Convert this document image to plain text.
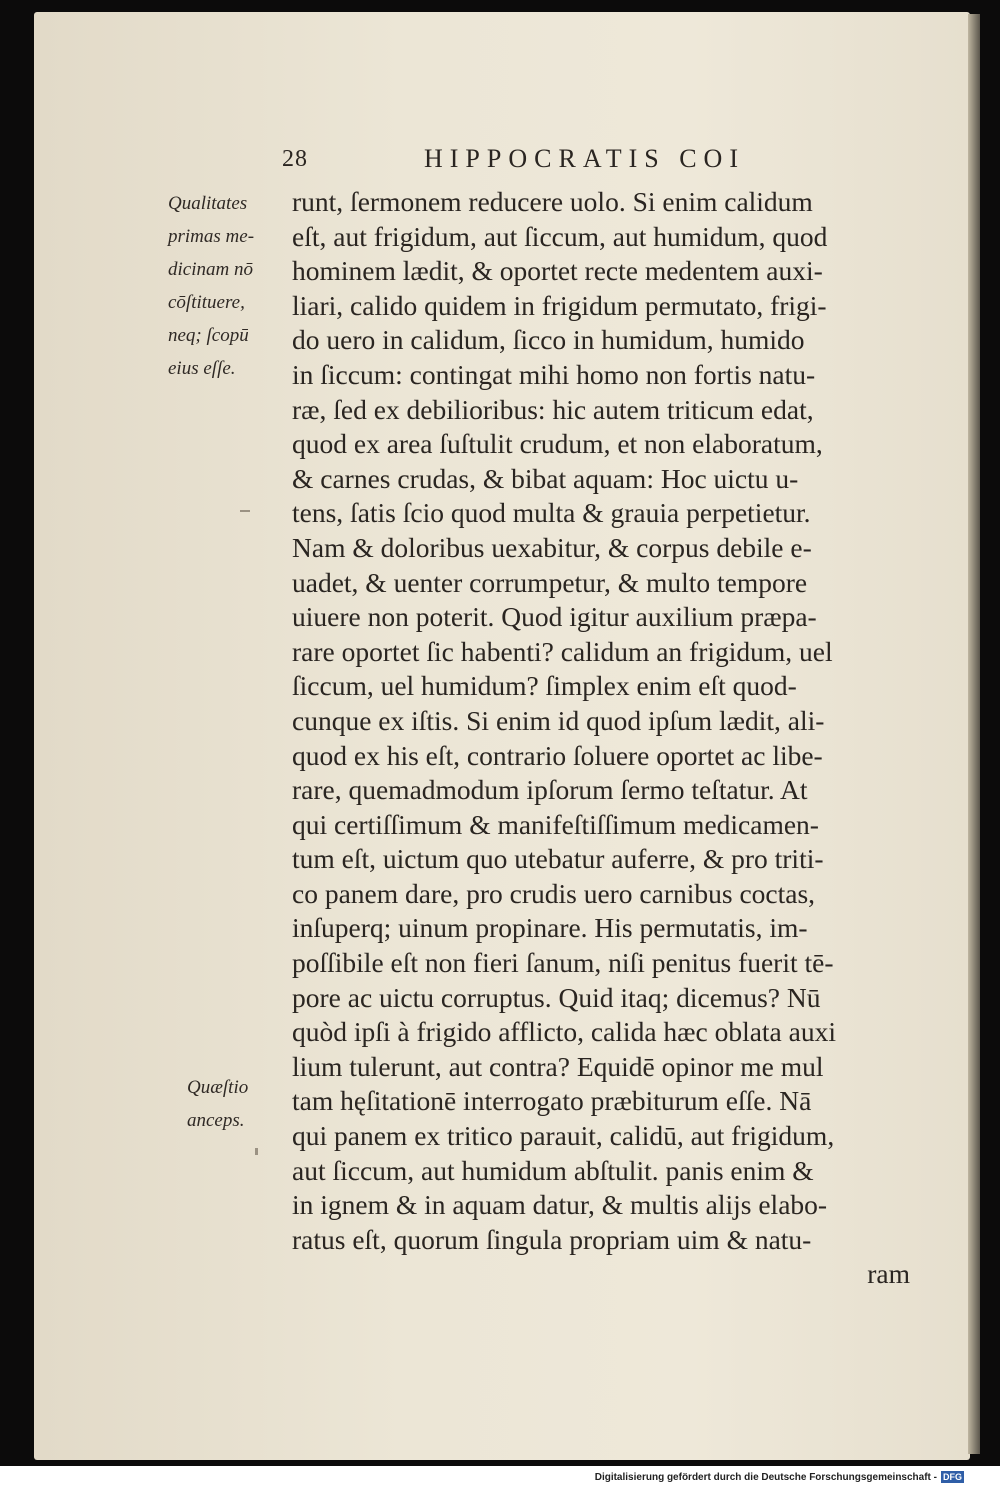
28	HIPPOCRATIS COI
Qualitates
primas me-
dicinam nō
cōſtituere,
neq; ſcopū
eius eſſe.
Quæſtio
anceps.
runt, ſermonem reducere uolo. Si enim calidum
eſt, aut frigidum, aut ſiccum, aut humidum, quod
hominem lædit, & oportet recte medentem auxi-
liari, calido quidem in frigidum permutato, frigi-
do uero in calidum, ſicco in humidum, humido
in ſiccum: contingat mihi homo non fortis natu-
ræ, ſed ex debilioribus: hic autem triticum edat,
quod ex area ſuſtulit crudum, et non elaboratum,
& carnes crudas, & bibat aquam: Hoc uictu u-
tens, ſatis ſcio quod multa & grauia perpetietur.
Nam & doloribus uexabitur, & corpus debile e-
uadet, & uenter corrumpetur, & multo tempore
uiuere non poterit. Quod igitur auxilium præpa-
rare oportet ſic habenti? calidum an frigidum, uel
ſiccum, uel humidum? ſimplex enim eſt quod-
cunque ex iſtis. Si enim id quod ipſum lædit, ali-
quod ex his eſt, contrario ſoluere oportet ac libe-
rare, quemadmodum ipſorum ſermo teſtatur. At
qui certiſſimum & manifeſtiſſimum medicamen-
tum eſt, uictum quo utebatur auferre, & pro triti-
co panem dare, pro crudis uero carnibus coctas,
inſuperq; uinum propinare. His permutatis, im-
poſſibile eſt non fieri ſanum, niſi penitus fuerit tē-
pore ac uictu corruptus. Quid itaq; dicemus? Nū
quòd ipſi à frigido afflicto, calida hæc oblata auxi
lium tulerunt, aut contra? Equidē opinor me mul
tam hęſitationē interrogato præbiturum eſſe. Nā
qui panem ex tritico parauit, calidū, aut frigidum,
aut ſiccum, aut humidum abſtulit. panis enim &
in ignem & in aquam datur, & multis alijs elabo-
ratus eſt, quorum ſingula propriam uim & natu-
ram
Digitalisierung gefördert durch die Deutsche Forschungsgemeinschaft - DFG
